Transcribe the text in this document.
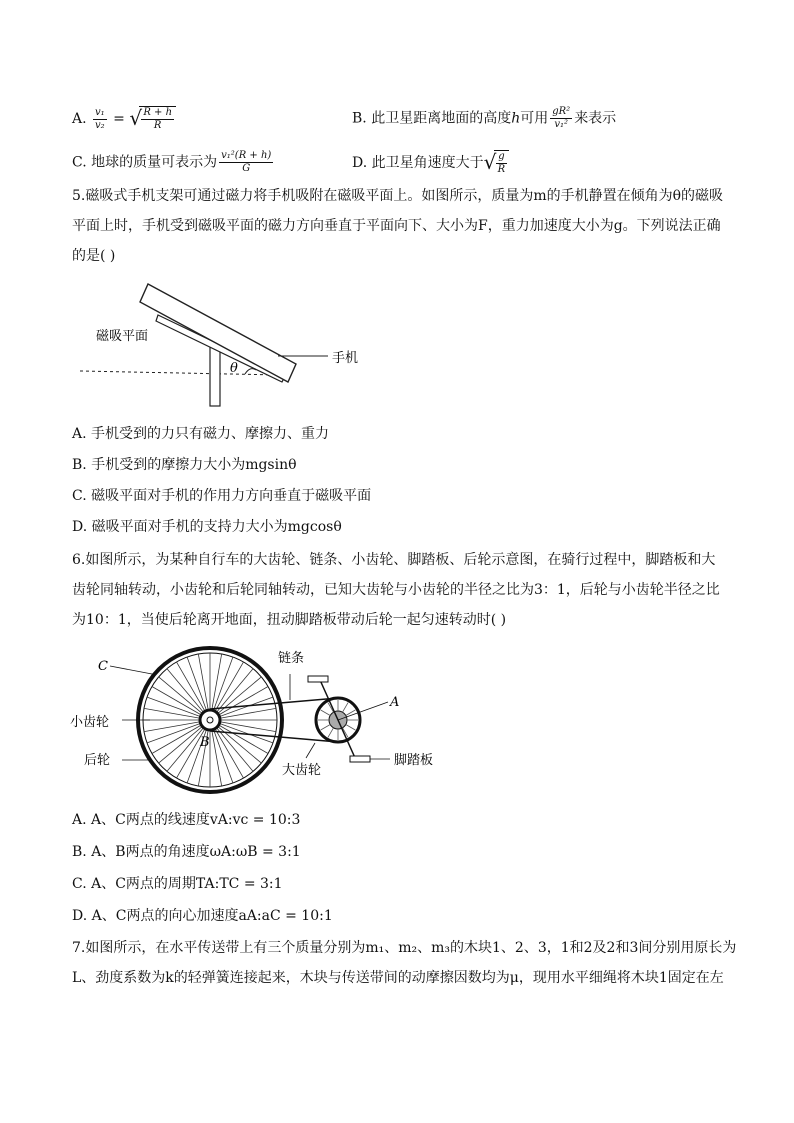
A. $\frac{\text{v₁}}{\text{v₂}}$ = √ $\frac{R + h}{R}$	B. 此卫星距离地面的高度h可用 $\frac{\text{gR²}}{\text{v₁²}}$ 来表示
C. 地球的质量可表示为 $\frac{\text{v₁²(R + h)}}{G}$	D. 此卫星角速度大于 √ $\frac{g}{R}$
5.磁吸式手机支架可通过磁力将手机吸附在磁吸平面上。如图所示，质量为m的手机静置在倾角为θ的磁吸
平面上时，手机受到磁吸平面的磁力方向垂直于平面向下、大小为F，重力加速度大小为g。下列说法正确
的是( )
θ
手机
磁吸平面
A. 手机受到的力只有磁力、摩擦力、重力
B. 手机受到的摩擦力大小为mgsinθ
C. 磁吸平面对手机的作用力方向垂直于磁吸平面
D. 磁吸平面对手机的支持力大小为mgcosθ
6.如图所示，为某种自行车的大齿轮、链条、小齿轮、脚踏板、后轮示意图，在骑行过程中，脚踏板和大
齿轮同轴转动，小齿轮和后轮同轴转动，已知大齿轮与小齿轮的半径之比为3：1，后轮与小齿轮半径之比
为10：1，当使后轮离开地面，扭动脚踏板带动后轮一起匀速转动时( )
C
链条
A
小齿轮
B
后轮
大齿轮
脚踏板
A. A、C两点的线速度vA:vc = 10:3
B. A、B两点的角速度ωA:ωB = 3:1
C. A、C两点的周期TA:TC = 3:1
D. A、C两点的向心加速度aA:aC = 10:1
7.如图所示，在水平传送带上有三个质量分别为m₁、m₂、m₃的木块1、2、3，1和2及2和3间分别用原长为
L、劲度系数为k的轻弹簧连接起来，木块与传送带间的动摩擦因数均为μ，现用水平细绳将木块1固定在左
